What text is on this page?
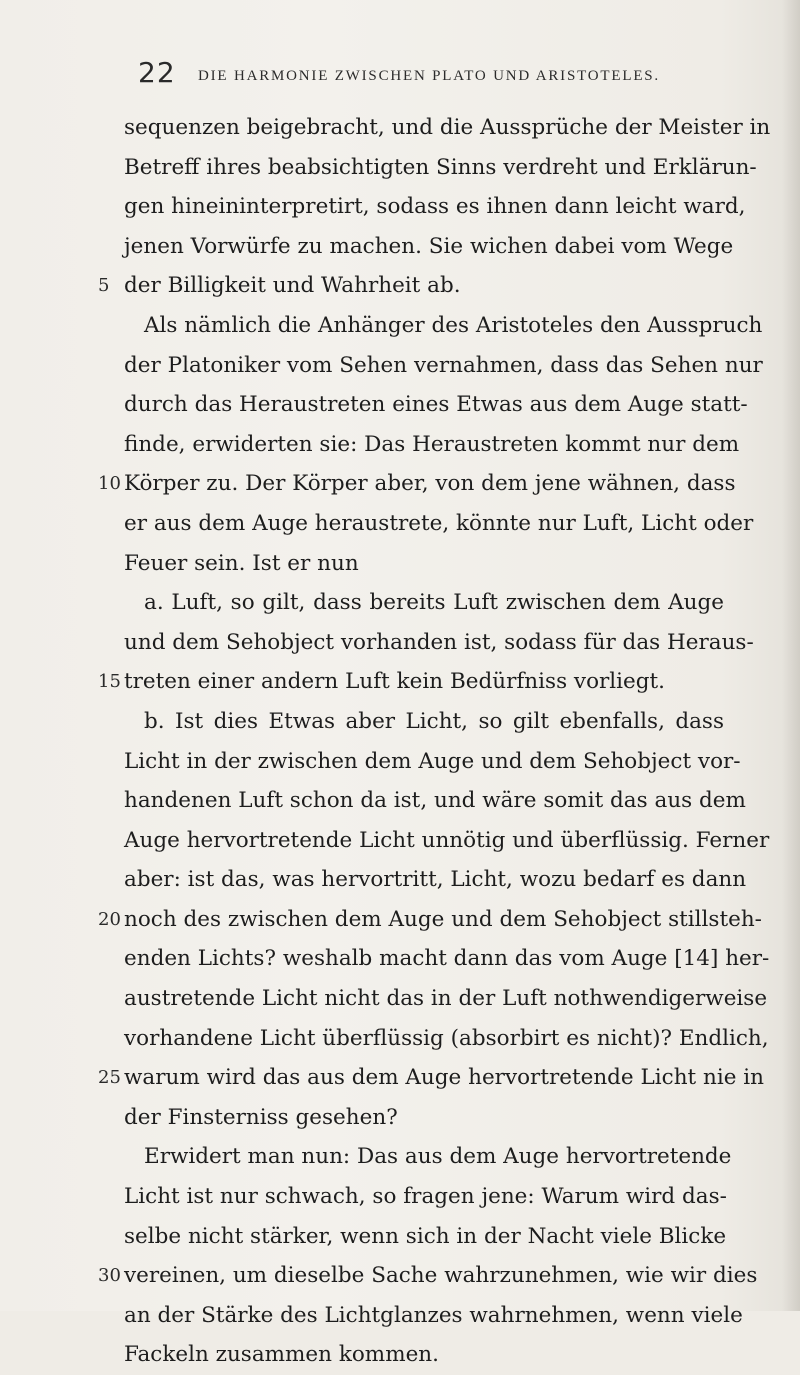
22 DIE HARMONIE ZWISCHEN PLATO UND ARISTOTELES.
sequenzen beigebracht, und die Aussprüche der Meister in
Betreff ihres beabsichtigten Sinns verdreht und Erklärun-
gen hineininterpretirt, sodass es ihnen dann leicht ward,
jenen Vorwürfe zu machen. Sie wichen dabei vom Wege
5 der Billigkeit und Wahrheit ab.
Als nämlich die Anhänger des Aristoteles den Ausspruch
der Platoniker vom Sehen vernahmen, dass das Sehen nur
durch das Heraustreten eines Etwas aus dem Auge statt-
finde, erwiderten sie: Das Heraustreten kommt nur dem
10 Körper zu. Der Körper aber, von dem jene wähnen, dass
er aus dem Auge heraustrete, könnte nur Luft, Licht oder
Feuer sein. Ist er nun
a. Luft, so gilt, dass bereits Luft zwischen dem Auge
und dem Sehobject vorhanden ist, sodass für das Heraus-
15 treten einer andern Luft kein Bedürfniss vorliegt.
b. Ist dies Etwas aber Licht, so gilt ebenfalls, dass
Licht in der zwischen dem Auge und dem Sehobject vor-
handenen Luft schon da ist, und wäre somit das aus dem
Auge hervortretende Licht unnötig und überflüssig. Ferner
aber: ist das, was hervortritt, Licht, wozu bedarf es dann
20 noch des zwischen dem Auge und dem Sehobject stillsteh-
enden Lichts? weshalb macht dann das vom Auge [14] her-
austretende Licht nicht das in der Luft nothwendigerweise
vorhandene Licht überflüssig (absorbirt es nicht)? Endlich,
25 warum wird das aus dem Auge hervortretende Licht nie in
der Finsterniss gesehen?
Erwidert man nun: Das aus dem Auge hervortretende
Licht ist nur schwach, so fragen jene: Warum wird das-
selbe nicht stärker, wenn sich in der Nacht viele Blicke
30 vereinen, um dieselbe Sache wahrzunehmen, wie wir dies
an der Stärke des Lichtglanzes wahrnehmen, wenn viele
Fackeln zusammen kommen.
